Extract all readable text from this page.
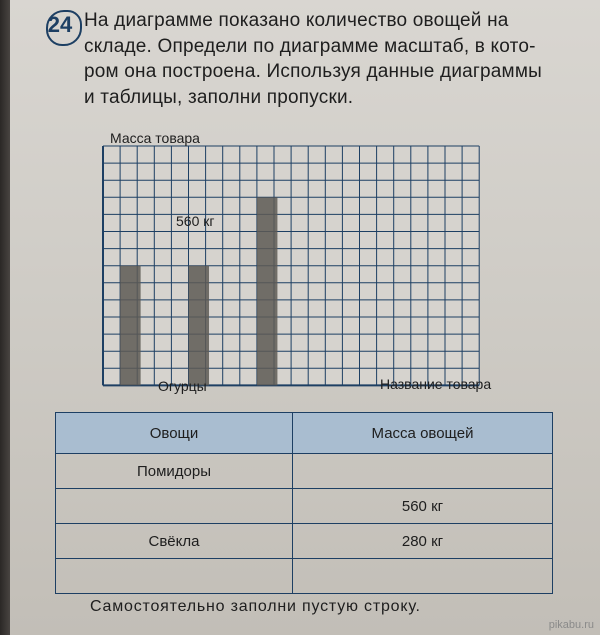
24 На диаграмме показано количество овощей на
складе. Определи по диаграмме масштаб, в кото-
ром она построена. Используя данные диаграммы
и таблицы, заполни пропуски.
Масса товара
560 кг
Огурцы	Название товара
Овощи	Масса овощей
Помидоры	
	560 кг
Свёкла	280 кг

Самостоятельно заполни пустую строку.
pikabu.ru
